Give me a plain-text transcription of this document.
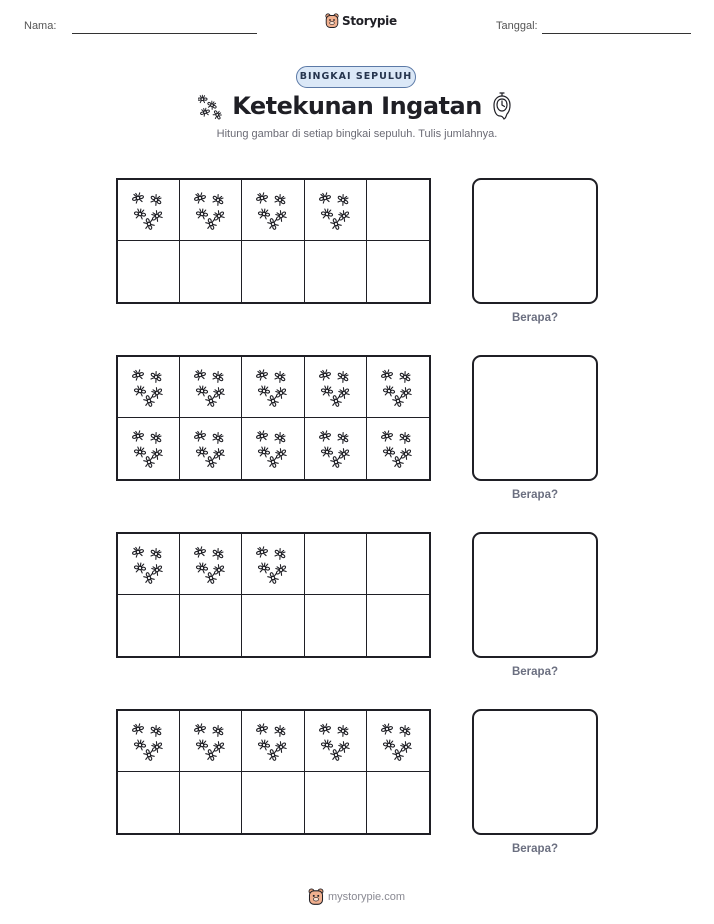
Nama:	Storypie	Tanggal:
BINGKAI SEPULUH
Ketekunan Ingatan
Hitung gambar di setiap bingkai sepuluh. Tulis jumlahnya.
Berapa?
Berapa?
Berapa?
Berapa?
mystorypie.com
